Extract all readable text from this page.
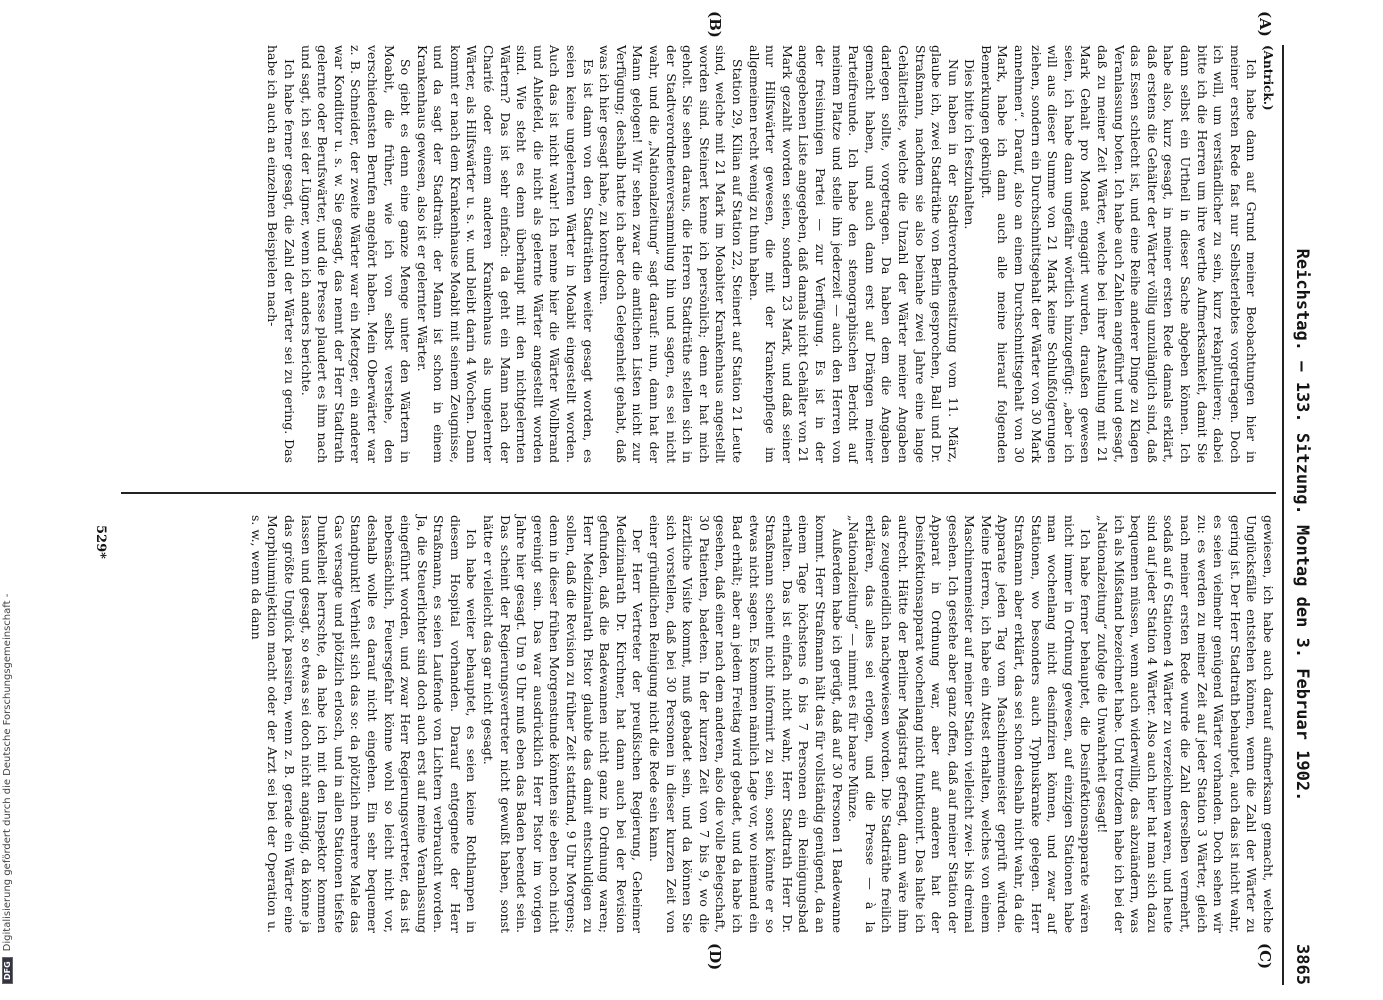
Reichstag. — 133. Sitzung. Montag den 3. Februar 1902.
3865
(A)
(B)
(C)
(D)

(Antrick.)

Ich habe dann auf Grund meiner Beobachtungen hier in meiner ersten Rede fast nur Selbsterlebtes vorgetragen. Doch ich will, um verständlicher zu sein, kurz rekapitulieren; dabei bitte ich die Herren um ihre werthe Aufmerksamkeit, damit Sie dann selbst ein Urtheil in dieser Sache abgeben können. Ich habe also, kurz gesagt, in meiner ersten Rede damals erklärt, daß erstens die Gehälter der Wärter völlig unzulänglich sind, daß das Essen schlecht ist, und eine Reihe anderer Dinge zu Klagen Veranlassung boten. Ich habe auch Zahlen angeführt und gesagt, daß zu meiner Zeit Wärter, welche bei ihrer Anstellung mit 21 Mark Gehalt pro Monat engagirt wurden, draußen gewesen seien, ich habe dann ungefähr wörtlich hinzugefügt: „aber ich will aus dieser Summe von 21 Mark keine Schlußfolgerungen ziehen, sondern ein Durchschnittsgehalt der Wärter von 30 Mark annehmen“. Darauf, also an einem Durchschnittsgehalt von 30 Mark, habe ich dann auch alle meine hierauf folgenden Bemerkungen geknüpft.

Dies bitte ich festzuhalten.

Nun haben in der Stadtverordnetensitzung vom 11. März, glaube ich, zwei Stadträthe von Berlin gesprochen, Ball und Dr. Straßmann, nachdem sie also beinahe zwei Jahre eine lange Gehälterliste, welche die Unzahl der Wärter meiner Angaben darlegen sollte, vorgetragen. Da haben dem die Angaben gemacht haben, und auch dann erst auf Drängen meiner Parteifreunde. Ich habe den stenographischen Bericht auf meinem Platze und stelle ihn jederzeit — auch den Herren von der freisinnigen Partei — zur Verfügung. Es ist in der angegebenen Liste angegeben, daß damals nicht Gehälter von 21 Mark gezahlt worden seien, sondern 23 Mark, und daß seiner nur Hilfswärter gewesen, die mit der Krankenpflege im allgemeinen recht wenig zu thun haben.

Station 29, Kilian auf Station 22, Steinert auf Station 21 Leute sind, welche mit 21 Mark im Moabiter Krankenhaus angestellt worden sind. Steinert kenne ich persönlich; denn er hat mich geholt. Sie sehen daraus, die Herren Stadträthe stellen sich in der Stadtverordnetenversammlung hin und sagen, es sei nicht wahr, und die „Nationalzeitung“ sagt darauf: nun, dann hat der Mann gelogen! Wir sehen zwar die amtlichen Listen nicht zur Verfügung; deshalb hatte ich aber doch Gelegenheit gehabt, daß was ich hier gesagt habe, zu kontroliren.

Es ist dann von den Stadträthen weiter gesagt worden, es seien keine ungelernten Wärter in Moabit eingestellt worden. Auch das ist nicht wahr! Ich nenne hier die Wärter Wollbrand und Ahlefeld, die nicht als gelernte Wärter angestellt worden sind. Wie steht es denn überhaupt mit den nichtgelernten Wärtern? Das ist sehr einfach: da geht ein Mann nach der Charité oder einem anderen Krankenhaus als ungelernter Wärter, als Hilfswärter u. s. w. und bleibt darin 4 Wochen. Dann kommt er nach dem Krankenhause Moabit mit seinem Zeugnisse, und da sagt der Stadtrath: der Mann ist schon in einem Krankenhaus gewesen, also ist er gelernter Wärter.

So giebt es denn eine ganze Menge unter den Wärtern in Moabit, die früher, wie ich von selbst verstehe, den verschiedensten Berufen angehört haben. Mein Oberwärter war z. B. Schneider, der zweite Wärter war ein Metzger, ein anderer war Kondittor u. s. w. Sie gesagt, das nennt der Herr Stadtrath gelernte oder Berufswärter, und die Presse plaudert es ihm nach und sagt, ich sei der Lügner, wenn ich anders berichte.

Ich habe ferner gesagt, die Zahl der Wärter sei zu gering. Das habe ich auch an einzelnen Beispielen nach-

gewiesen, ich habe auch darauf aufmerksam gemacht, welche Unglücksfälle entstehen können, wenn die Zahl der Wärter zu gering ist. Der Herr Stadtrath behauptet, auch das ist nicht wahr, es seien vielmehr genügend Wärter vorhanden. Doch sehen wir zu: es werden zu meiner Zeit auf jeder Station 3 Wärter, gleich nach meiner ersten Rede wurde die Zahl derselben vermehrt, sodaß auf 6 Stationen 4 Wärter zu verzeichnen waren, und heute sind auf jeder Station 4 Wärter. Also auch hier hat man sich dazu bequemen müssen, wenn auch widerwillig, das abzuändern, was ich als Mißstand bezeichnet habe. Und trotzdem habe ich bei der „Nationalzeitung“ zufolge die Unwahrheit gesagt!

Ich habe ferner behauptet, die Desinfektionsapparate wären nicht immer in Ordnung gewesen, auf einzigen Stationen habe man wochenlang nicht desinfiziren können, und zwar auf Stationen, wo besonders auch Typhuskranke gelegen. Herr Straßmann aber erklärt, das sei schon deshalb nicht wahr, da die Apparate jeden Tag vom Maschinenmeister geprüft würden. Meine Herren, ich habe ein Attest erhalten, welches von einem Maschinenmeister auf meiner Station vielleicht zwei- bis dreimal gesehen. Ich gestehe aber ganz offen, daß auf meiner Station der Apparat in Ordnung war, aber auf anderen hat der Desinfektionsapparat wochenlang nicht funktionirt. Das halte ich aufrecht. Hätte der Berliner Magistrat gefragt, dann wäre ihm das zeugeneidlich nachgewiesen worden. Die Stadträthe freilich erklären, das alles sei erlogen, und die Presse — à la „Nationalzeitung“ — nimmt es für baare Münze.

Außerdem habe ich gerügt, daß auf 30 Personen 1 Badewanne kommt. Herr Straßmann hält das für vollständig genügend, da an einem Tage höchstens 6 bis 7 Personen ein Reinigungsbad erhalten. Das ist einfach nicht wahr, Herr Stadtrath Herr Dr. Straßmann scheint nicht informirt zu sein, sonst könnte er so etwas nicht sagen. Es kommen nämlich Lage vor, wo niemand ein Bad erhält; aber an jedem Freitag wird gebadet, und da habe ich gesehen, daß einer nach dem anderen, also die volle Belegschaft, 30 Patienten, badeten. In der kurzen Zeit von 7 bis 9, wo die ärztliche Visite kommt, muß gebadet sein, und da können Sie sich vorstellen, daß bei 30 Personen in dieser kurzen Zeit von einer gründlichen Reinigung nicht die Rede sein kann.

Der Herr Vertreter der preußischen Regierung, Geheimer Medizinalrath Dr. Kirchner, hat dann auch bei der Revision gefunden, daß die Badewannen nicht ganz in Ordnung waren; Herr Medizinalrath Pistor glaubte das damit entschuldigen zu sollen, daß die Revision zu früher Zeit stattfand, 9 Uhr Morgens; denn in dieser frühen Morgenstunde könnten sie eben noch nicht gereinigt sein. Das war ausdrücklich Herr Pistor im vorigen Jahre hier gesagt. Um 9 Uhr muß eben das Baden beendet sein. Das scheint der Regierungsvertreter nicht gewußt haben, sonst hätte er vielleicht das gar nicht gesagt.

Ich habe weiter behauptet, es seien keine Rothlampen in diesem Hospital vorhanden. Darauf entgegnete der Herr Straßmann, es seien Laufende von Lichtern verbraucht worden. Ja, die Steuerlichter sind doch auch erst auf meine Veranlassung eingeführt worden, und zwar Herr Regierungsvertreter, das ist nebensächlich, Feuersgefahr könne wohl so leicht nicht vor, deshalb wolle es darauf nicht eingehen. Ein sehr bequemer Standpunkt! Verhielt sich das so: da plötzlich mehrere Male das Gas versagte und plötzlich erlosch, und in allen Stationen tiefste Dunkelheit herrschte, da habe ich mit den Inspektor kommen lassen und gesagt, so etwas sei doch nicht angängig, da könne ja das größte Unglück passiren, wenn z. B. gerade ein Wärter eine Morphiuminjektion macht oder der Arzt sei bei der Operation u. s. w., wenn da dann

529*
DFGDigitalisierung gefördert durch die Deutsche Forschungsgemeinschaft -
